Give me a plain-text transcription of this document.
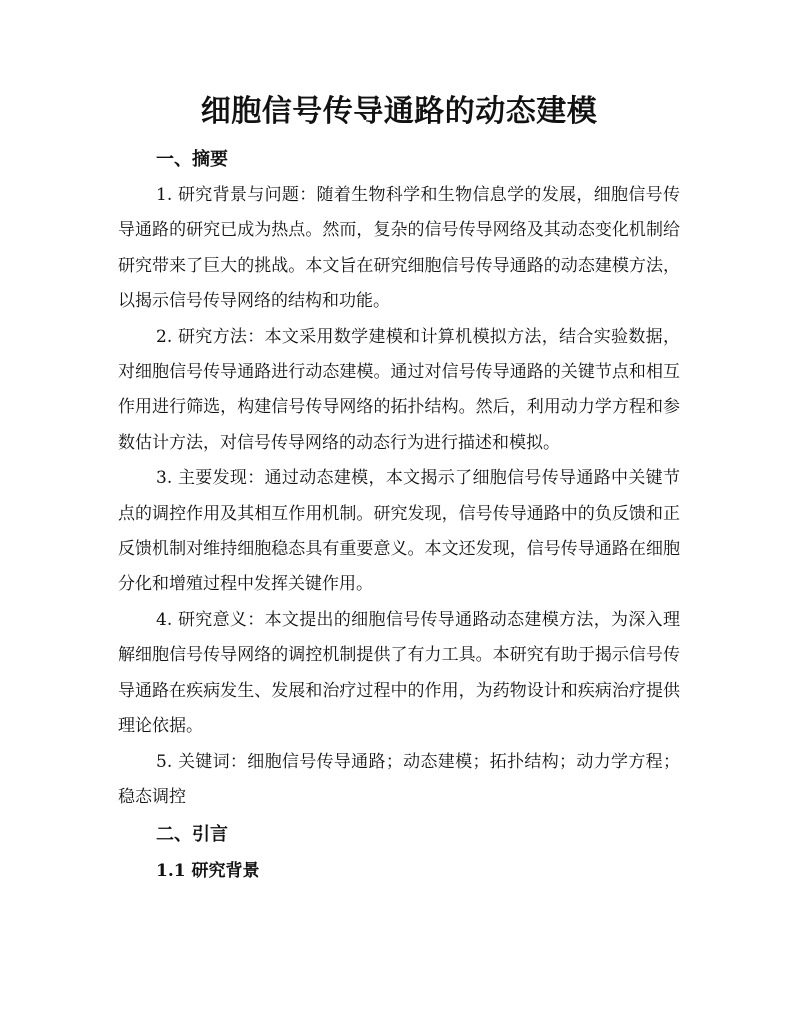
细胞信号传导通路的动态建模
一、摘要

1. 研究背景与问题：随着生物科学和生物信息学的发展，细胞信号传导通路的研究已成为热点。然而，复杂的信号传导网络及其动态变化机制给研究带来了巨大的挑战。本文旨在研究细胞信号传导通路的动态建模方法，以揭示信号传导网络的结构和功能。

2. 研究方法：本文采用数学建模和计算机模拟方法，结合实验数据，对细胞信号传导通路进行动态建模。通过对信号传导通路的关键节点和相互作用进行筛选，构建信号传导网络的拓扑结构。然后，利用动力学方程和参数估计方法，对信号传导网络的动态行为进行描述和模拟。

3. 主要发现：通过动态建模，本文揭示了细胞信号传导通路中关键节点的调控作用及其相互作用机制。研究发现，信号传导通路中的负反馈和正反馈机制对维持细胞稳态具有重要意义。本文还发现，信号传导通路在细胞分化和增殖过程中发挥关键作用。

4. 研究意义：本文提出的细胞信号传导通路动态建模方法，为深入理解细胞信号传导网络的调控机制提供了有力工具。本研究有助于揭示信号传导通路在疾病发生、发展和治疗过程中的作用，为药物设计和疾病治疗提供理论依据。

5. 关键词：细胞信号传导通路；动态建模；拓扑结构；动力学方程；稳态调控

二、引言
1.1 研究背景
